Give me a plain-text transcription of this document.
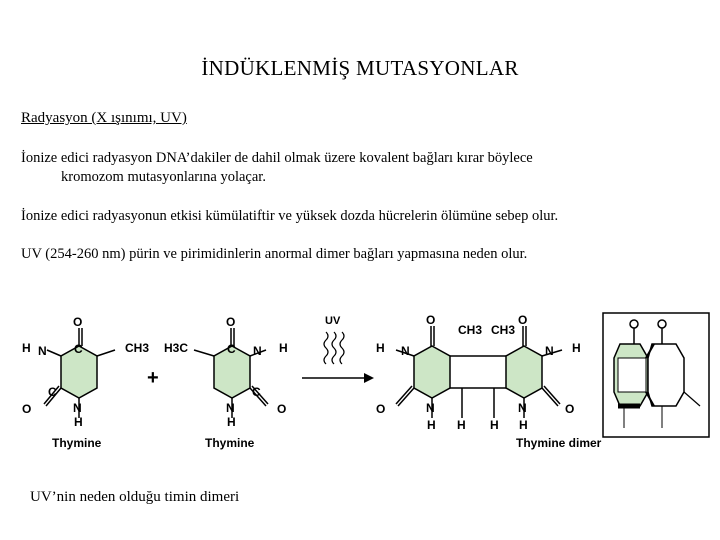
İNDÜKLENMİŞ MUTASYONLAR
Radyasyon (X ışınımı, UV)
İonize edici radyasyon DNA’dakiler de dahil olmak üzere kovalent bağları kırar böylece
kromozom mutasyonlarına yolaçar.
İonize edici radyasyonun etkisi kümülatiftir ve yüksek dozda hücrelerin ölümüne sebep olur.
UV (254-260 nm) pürin ve pirimidinlerin anormal dimer bağları yapmasına neden olur.
O
C
N
H	CH3
O
C
N
H
Thymine
+
O
C
H3C	N H
C
O
N
H
Thymine
UV	O	O
CH3 CH3
H N	N H
O	O
N	N
H H H H
Thymine dimer
UV’nin neden olduğu timin dimeri
